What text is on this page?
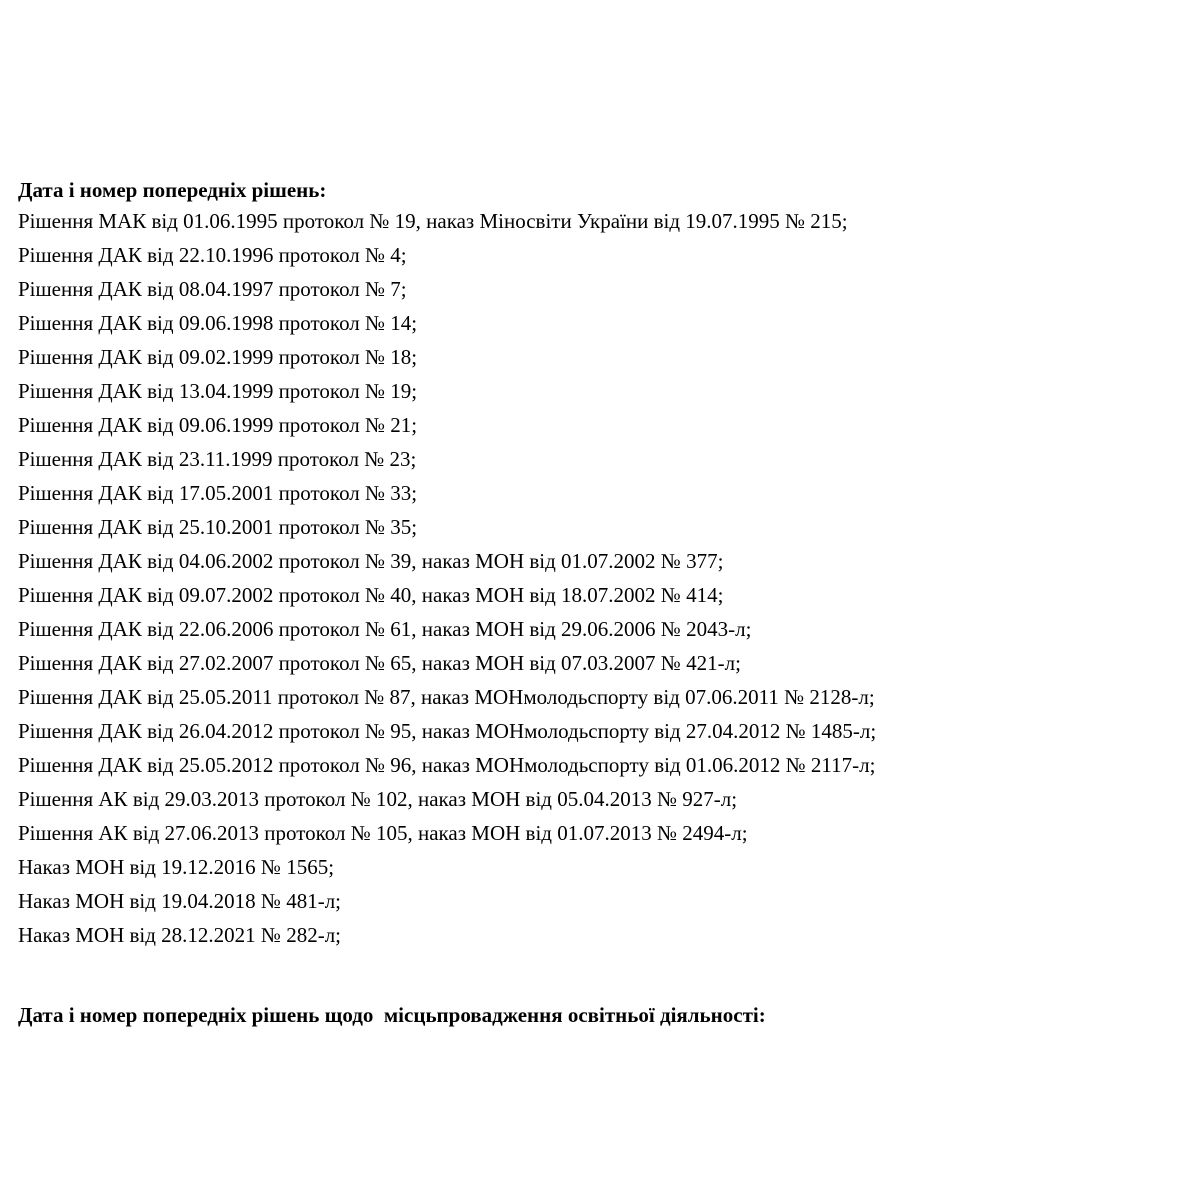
Дата і номер попередніх рішень:
Рішення МАК від 01.06.1995 протокол № 19, наказ Міносвіти України від 19.07.1995 № 215;
Рішення ДАК від 22.10.1996 протокол № 4;
Рішення ДАК від 08.04.1997 протокол № 7;
Рішення ДАК від 09.06.1998 протокол № 14;
Рішення ДАК від 09.02.1999 протокол № 18;
Рішення ДАК від 13.04.1999 протокол № 19;
Рішення ДАК від 09.06.1999 протокол № 21;
Рішення ДАК від 23.11.1999 протокол № 23;
Рішення ДАК від 17.05.2001 протокол № 33;
Рішення ДАК від 25.10.2001 протокол № 35;
Рішення ДАК від 04.06.2002 протокол № 39, наказ МОН від 01.07.2002 № 377;
Рішення ДАК від 09.07.2002 протокол № 40, наказ МОН від 18.07.2002 № 414;
Рішення ДАК від 22.06.2006 протокол № 61, наказ МОН від 29.06.2006 № 2043-л;
Рішення ДАК від 27.02.2007 протокол № 65, наказ МОН від 07.03.2007 № 421-л;
Рішення ДАК від 25.05.2011 протокол № 87, наказ МОНмолодьспорту від 07.06.2011 № 2128-л;
Рішення ДАК від 26.04.2012 протокол № 95, наказ МОНмолодьспорту від 27.04.2012 № 1485-л;
Рішення ДАК від 25.05.2012 протокол № 96, наказ МОНмолодьспорту від 01.06.2012 № 2117-л;
Рішення АК від 29.03.2013 протокол № 102, наказ МОН від 05.04.2013 № 927-л;
Рішення АК від 27.06.2013 протокол № 105, наказ МОН від 01.07.2013 № 2494-л;
Наказ МОН від 19.12.2016 № 1565;
Наказ МОН від 19.04.2018 № 481-л;
Наказ МОН від 28.12.2021 № 282-л;
Дата і номер попередніх рішень щодо  місцьпровадження освітньої діяльності:
